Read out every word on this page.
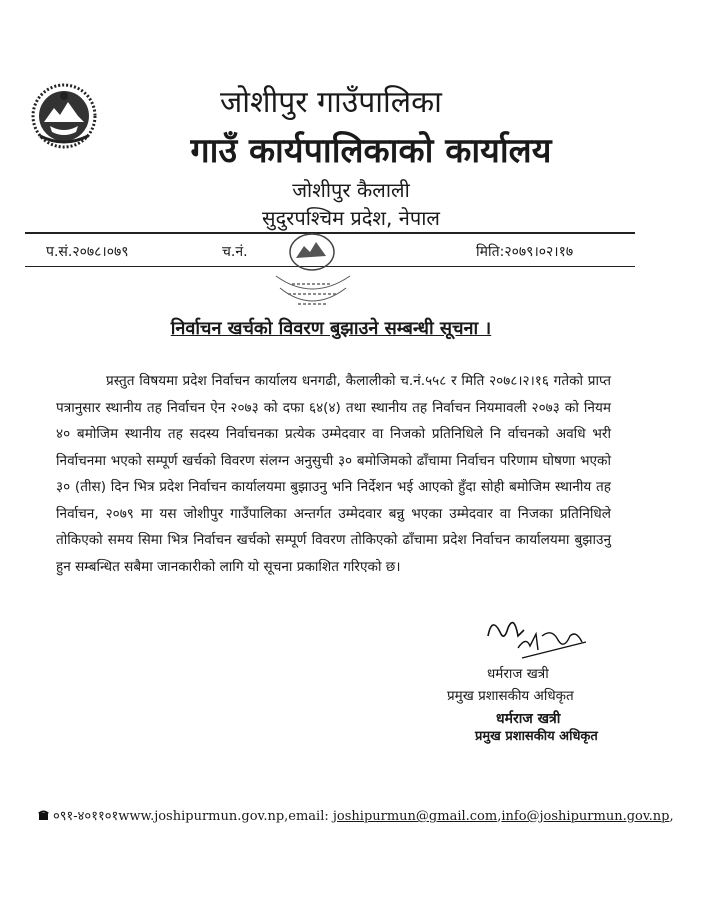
जोशीपुर गाउँपालिका
गाउँ कार्यपालिकाको कार्यालय
जोशीपुर कैलाली
सुदुरपश्चिम प्रदेश, नेपाल
प.सं.२०७८।०७९	च.नं.	मिति:२०७९।०२।१७
निर्वाचन खर्चको विवरण बुझाउने सम्बन्धी सूचना ।
प्रस्तुत विषयमा प्रदेश निर्वाचन कार्यालय धनगढी, कैलालीको च.नं.५५८ र मिति २०७८।२।१६ गतेको प्राप्त पत्रानुसार स्थानीय तह निर्वाचन ऐन २०७३ को दफा ६४(४) तथा स्थानीय तह निर्वाचन नियमावली २०७३ को नियम ४० बमोजिम स्थानीय तह सदस्य निर्वाचनका प्रत्येक उम्मेदवार वा निजको प्रतिनिधिले नि र्वाचनको अवधि भरी निर्वाचनमा भएको सम्पूर्ण खर्चको विवरण संलग्न अनुसुची ३० बमोजिमको ढाँचामा निर्वाचन परिणाम घोषणा भएको ३० (तीस) दिन भित्र प्रदेश निर्वाचन कार्यालयमा बुझाउनु भनि निर्देशन भई आएको हुँदा सोही बमोजिम स्थानीय तह निर्वाचन, २०७९ मा यस जोशीपुर गाउँपालिका अन्तर्गत उम्मेदवार बन्नु भएका उम्मेदवार वा निजका प्रतिनिधिले तोकिएको समय सिमा भित्र निर्वाचन खर्चको सम्पूर्ण विवरण तोकिएको ढाँचामा प्रदेश निर्वाचन कार्यालयमा बुझाउनु हुन सम्बन्धित सबैमा जानकारीको लागि यो सूचना प्रकाशित गरिएको छ।
धर्मराज खत्री
प्रमुख प्रशासकीय अधिकृत
धर्मराज खत्री
प्रमुख प्रशासकीय अधिकृत
०९१-४०११०१www.joshipurmun.gov.np,email: joshipurmun@gmail.com,info@joshipurmun.gov.np,
